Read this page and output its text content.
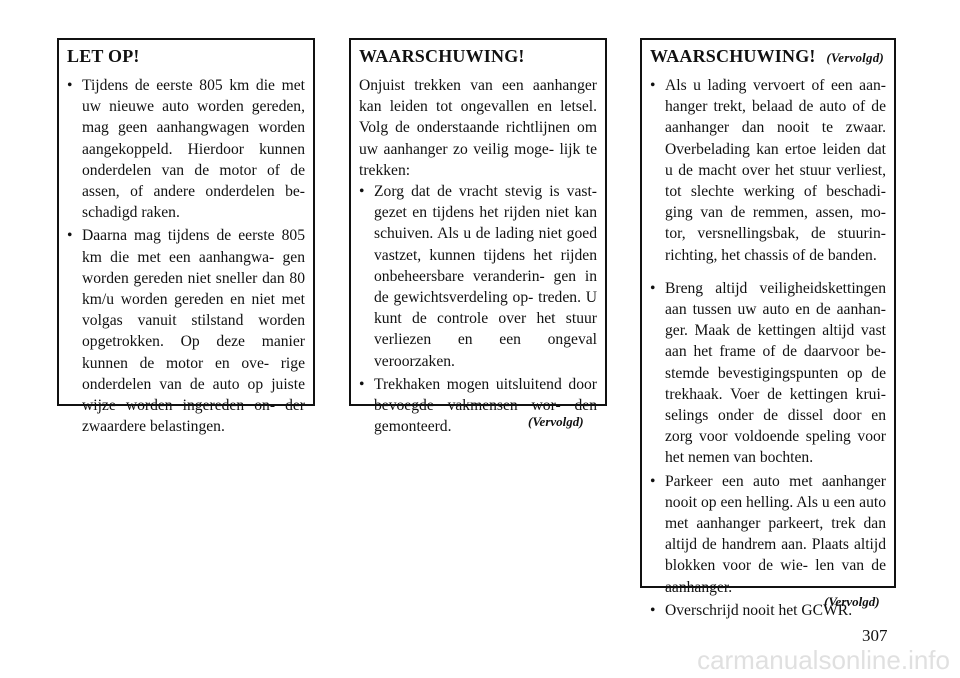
LET OP!
• Tijdens de eerste 805 km die met uw nieuwe auto worden gereden, mag geen aanhangwagen worden aangekoppeld. Hierdoor kunnen onderdelen van de motor of de assen, of andere onderdelen be- schadigd raken.
• Daarna mag tijdens de eerste 805 km die met een aanhangwa- gen worden gereden niet sneller dan 80 km/u worden gereden en niet met volgas vanuit stilstand worden opgetrokken. Op deze manier kunnen de motor en ove- rige onderdelen van de auto op juiste wijze worden ingereden on- der zwaardere belastingen.
WAARSCHUWING!

Onjuist trekken van een aanhanger kan leiden tot ongevallen en letsel. Volg de onderstaande richtlijnen om uw aanhanger zo veilig moge- lijk te trekken:

• Zorg dat de vracht stevig is vast- gezet en tijdens het rijden niet kan schuiven. Als u de lading niet goed vastzet, kunnen tijdens het rijden onbeheersbare veranderin- gen in de gewichtsverdeling op- treden. U kunt de controle over het stuur verliezen en een ongeval veroorzaken.
• Trekhaken mogen uitsluitend door bevoegde vakmensen wor- den gemonteerd.	(Vervolgd)
WAARSCHUWING! (Vervolgd)
• Als u lading vervoert of een aan- hanger trekt, belaad de auto of de aanhanger dan nooit te zwaar. Overbelading kan ertoe leiden dat u de macht over het stuur verliest, tot slechte werking of beschadi- ging van de remmen, assen, mo- tor, versnellingsbak, de stuurin- richting, het chassis of de banden.
• Breng altijd veiligheidskettingen aan tussen uw auto en de aanhan- ger. Maak de kettingen altijd vast aan het frame of de daarvoor be- stemde bevestigingspunten op de trekhaak. Voer de kettingen krui- selings onder de dissel door en zorg voor voldoende speling voor het nemen van bochten.
• Parkeer een auto met aanhanger nooit op een helling. Als u een auto met aanhanger parkeert, trek dan altijd de handrem aan. Plaats altijd blokken voor de wie- len van de aanhanger.
• Overschrijd nooit het GCWR.
(Vervolgd)
307
carmanualsonline.info
